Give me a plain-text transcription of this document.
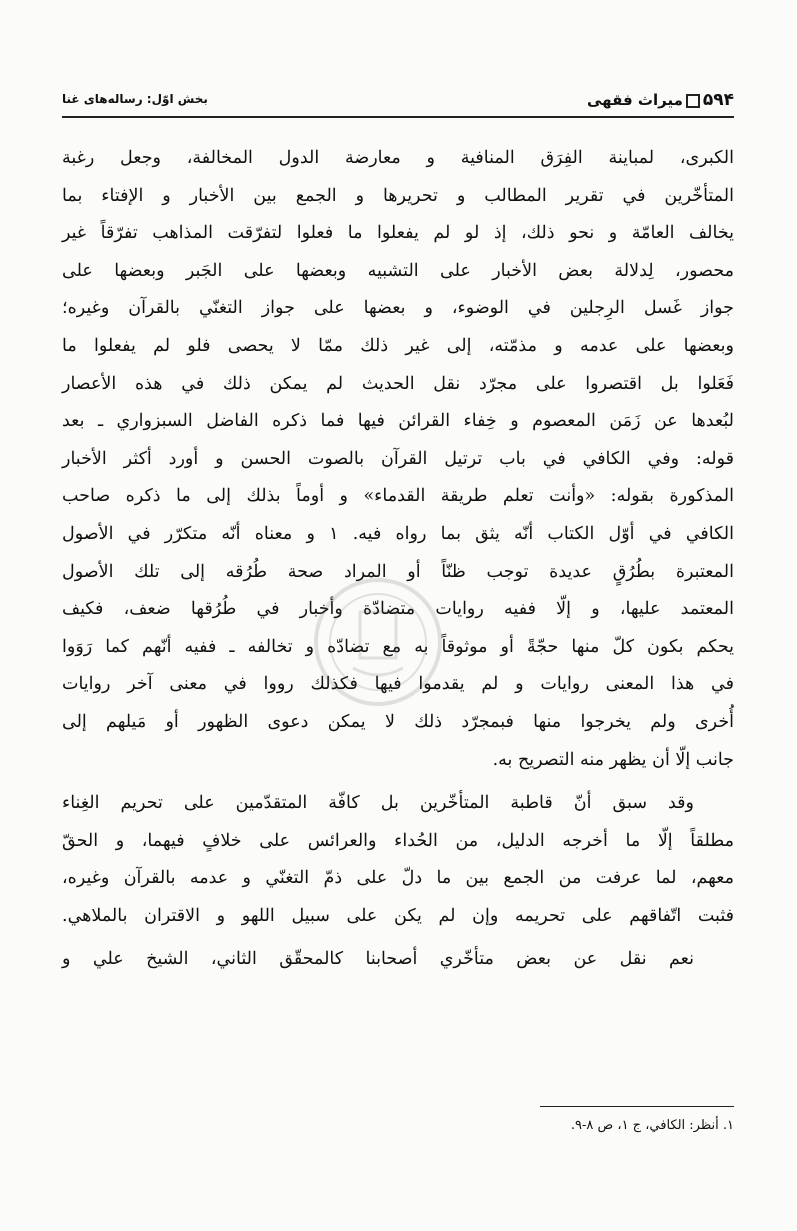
۵۹۴میراث فقهی
بخش اوّل: رساله‌های غنا

الكبرى، لمباينة الفِرَق المنافية و معارضة الدول المخالفة، وجعل رغبة
المتأخّرين في تقرير المطالب و تحريرها و الجمع بين الأخبار و الإفتاء بما
يخالف العامّة و نحو ذلك، إذ لو لم يفعلوا ما فعلوا لتفرّقت المذاهب تفرّقاً غير
محصور، لِدلالة بعض الأخبار على التشبيه وبعضها على الجَبر وبعضها على
جواز غَسل الرِجلين في الوضوء، و بعضها على جواز التغنّي بالقرآن وغيره؛
وبعضها على عدمه و مذمّته، إلى غير ذلك ممّا لا يحصى فلو لم يفعلوا ما
فَعَلوا بل اقتصروا على مجرّد نقل الحديث لم يمكن ذلك في هذه الأعصار
لبُعدها عن زَمَن المعصوم و خِفاء القرائن فيها فما ذكره الفاضل السبزواري ـ بعد
قوله: وفي الكافي في باب ترتيل القرآن بالصوت الحسن و أورد أكثر الأخبار
المذكورة بقوله: «وأنت تعلم طريقة القدماء» و أوماً بذلك إلى ما ذكره صاحب
الكافي في أوّل الكتاب أنّه يثق بما رواه فيه. ١ و معناه أنّه متكرّر في الأصول
المعتبرة بطُرُقٍ عديدة توجب ظنّاً أو المراد صحة طُرُقه إلى تلك الأصول
المعتمد عليها، و إلّا ففيه روايات متضادّة وأخبار في طُرُقها ضعف، فكيف
يحكم بكون كلّ منها حجّةً أو موثوقاً به مع تضادّه و تخالفه ـ ففيه أنّهم كما رَوَوا
في هذا المعنى روايات و لم يقدموا فيها فكذلك رووا في معنى آخر روايات
أُخرى ولم يخرجوا منها فبمجرّد ذلك لا يمكن دعوى الظهور أو مَيلهم إلى

جانب إلّا أن يظهر منه التصريح به.

وقد سبق أنّ قاطبة المتأخّرين بل كافّة المتقدّمين على تحريم الغِناء

مطلقاً إلّا ما أخرجه الدليل، من الحُداء والعرائس على خلافٍ فيهما، و الحقّ
معهم، لما عرفت من الجمع بين ما دلّ على ذمّ التغنّي و عدمه بالقرآن وغيره،
فثبت اتّفاقهم على تحريمه وإن لم يكن على سبيل اللهو و الاقتران بالملاهي.

نعم نقل عن بعض متأخّري أصحابنا كالمحقّق الثاني، الشيخ علي و

١. أنظر: الكافي، ج ١، ص ٨-٩.
